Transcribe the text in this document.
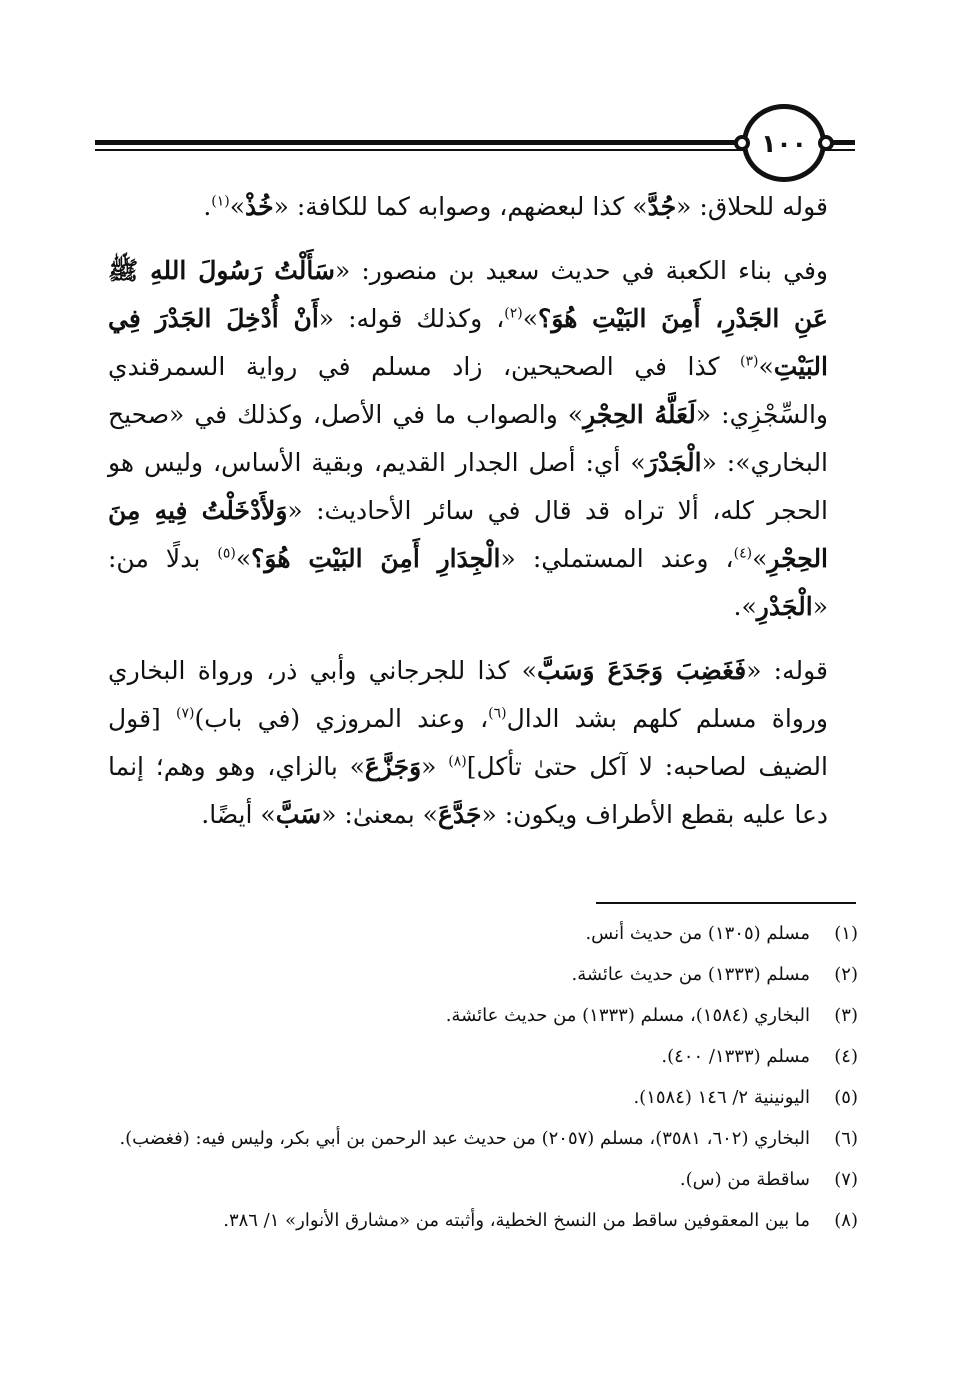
١٠٠

قوله للحلاق: «جُدَّ» كذا لبعضهم، وصوابه كما للكافة: «خُذْ»$^{(١)}$.

وفي بناء الكعبة في حديث سعيد بن منصور: «سَأَلْتُ رَسُولَ اللهِ ﷺ عَنِ الجَدْرِ، أَمِنَ البَيْتِ هُوَ؟»$^{(٢)}$، وكذلك قوله: «أَنْ أُدْخِلَ الجَدْرَ فِي البَيْتِ»$^{(٣)}$ كذا في الصحيحين، زاد مسلم في رواية السمرقندي والسِّجْزِي: «لَعَلَّهُ الحِجْرِ» والصواب ما في الأصل، وكذلك في «صحيح البخاري»: «الْجَدْرَ» أي: أصل الجدار القديم، وبقية الأساس، وليس هو الحجر كله، ألا تراه قد قال في سائر الأحاديث: «وَلأَدْخَلْتُ فِيهِ مِنَ الحِجْرِ»$^{(٤)}$، وعند المستملي: «الْجِدَارِ أَمِنَ البَيْتِ هُوَ؟»$^{(٥)}$ بدلًا من: «الْجَدْرِ».

قوله: «فَغَضِبَ وَجَدَعَ وَسَبَّ» كذا للجرجاني وأبي ذر، ورواة البخاري ورواة مسلم كلهم بشد الدال$^{(٦)}$، وعند المروزي (في باب)$^{(٧)}$ [قول الضيف لصاحبه: لا آكل حتىٰ تأكل]$^{(٨)}$ «وَجَزَّعَ» بالزاي، وهو وهم؛ إنما دعا عليه بقطع الأطراف ويكون: «جَدَّعَ» بمعنىٰ: «سَبَّ» أيضًا.

(١)
مسلم (١٣٠٥) من حديث أنس.
(٢)
مسلم (١٣٣٣) من حديث عائشة.
(٣)
البخاري (١٥٨٤)، مسلم (١٣٣٣) من حديث عائشة.
(٤)
مسلم (١٣٣٣/ ٤٠٠).
(٥)
اليونينية ٢/ ١٤٦ (١٥٨٤).
(٦)
البخاري (٦٠٢، ٣٥٨١)، مسلم (٢٠٥٧) من حديث عبد الرحمن بن أبي بكر، وليس فيه: (فغضب).
(٧)
ساقطة من (س).
(٨)
ما بين المعقوفين ساقط من النسخ الخطية، وأثبته من «مشارق الأنوار» ١/ ٣٨٦.
